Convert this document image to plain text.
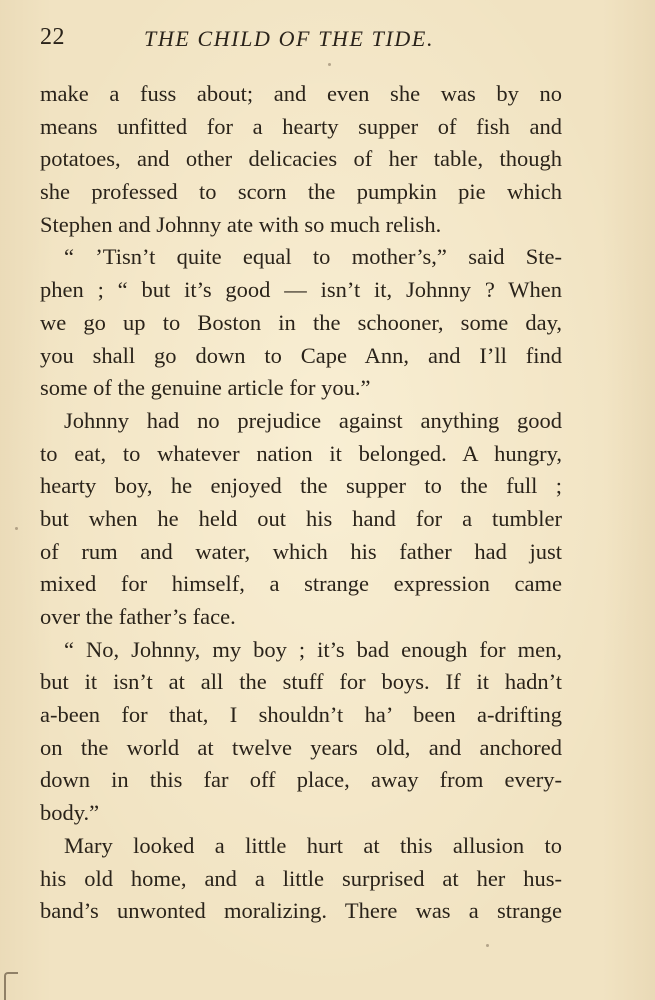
22	THE CHILD OF THE TIDE.
make a fuss about; and even she was by no
means unfitted for a hearty supper of fish and
potatoes, and other delicacies of her table, though
she professed to scorn the pumpkin pie which
Stephen and Johnny ate with so much relish.
“ ’Tisn’t quite equal to mother’s,” said Ste-
phen ; “ but it’s good — isn’t it, Johnny ? When
we go up to Boston in the schooner, some day,
you shall go down to Cape Ann, and I’ll find
some of the genuine article for you.”
Johnny had no prejudice against anything good
to eat, to whatever nation it belonged. A hungry,
hearty boy, he enjoyed the supper to the full ;
but when he held out his hand for a tumbler
of rum and water, which his father had just
mixed for himself, a strange expression came
over the father’s face.
“ No, Johnny, my boy ; it’s bad enough for men,
but it isn’t at all the stuff for boys. If it hadn’t
a-been for that, I shouldn’t ha’ been a-drifting
on the world at twelve years old, and anchored
down in this far off place, away from every-
body.”
Mary looked a little hurt at this allusion to
his old home, and a little surprised at her hus-
band’s unwonted moralizing. There was a strange
